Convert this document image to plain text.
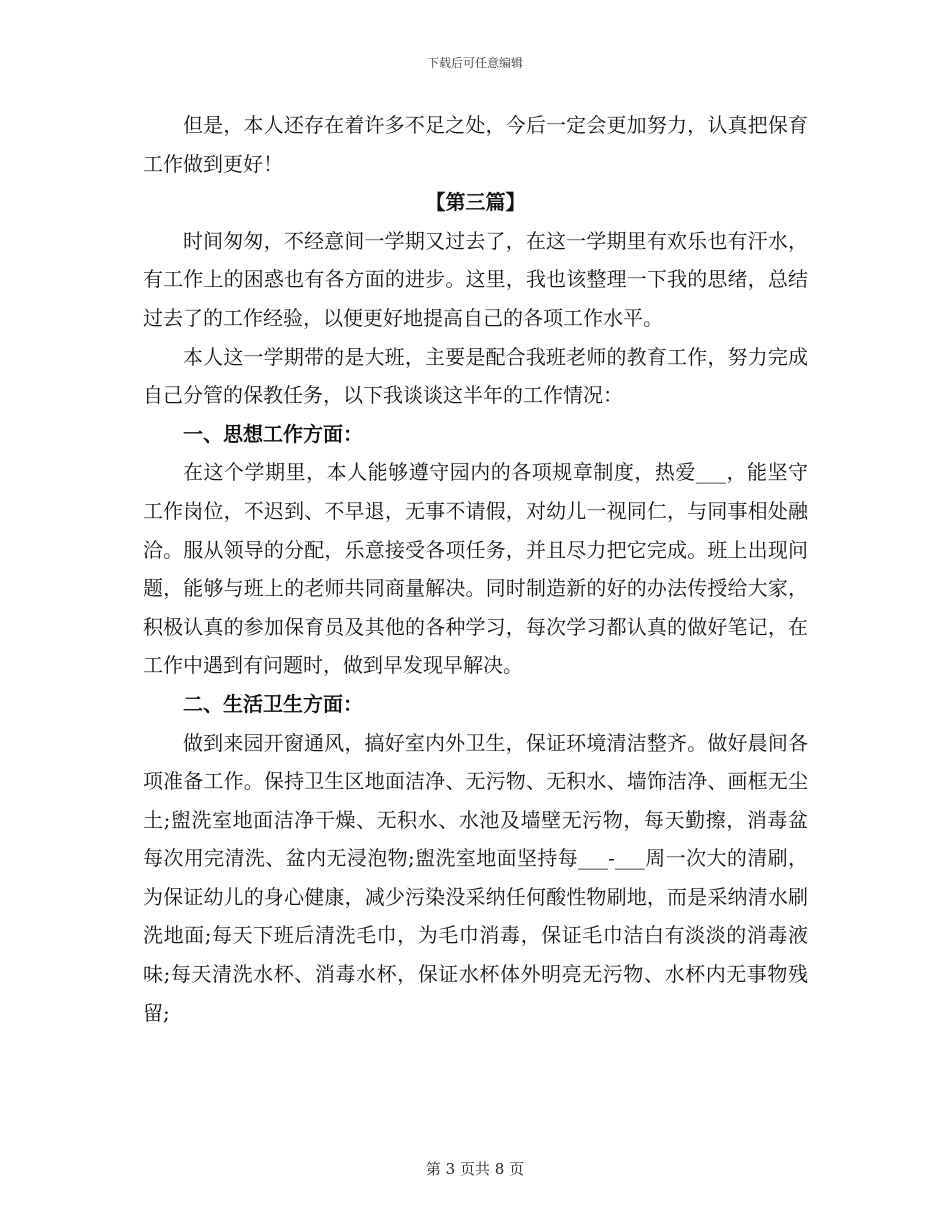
下载后可任意编辑

但是，本人还存在着许多不足之处，今后一定会更加努力，认真把保育工作做到更好！

【第三篇】

时间匆匆，不经意间一学期又过去了，在这一学期里有欢乐也有汗水，有工作上的困惑也有各方面的进步。这里，我也该整理一下我的思绪，总结过去了的工作经验，以便更好地提高自己的各项工作水平。

本人这一学期带的是大班，主要是配合我班老师的教育工作，努力完成自己分管的保教任务，以下我谈谈这半年的工作情况：

一、思想工作方面：

在这个学期里，本人能够遵守园内的各项规章制度，热爱___，能坚守工作岗位，不迟到、不早退，无事不请假，对幼儿一视同仁，与同事相处融洽。服从领导的分配，乐意接受各项任务，并且尽力把它完成。班上出现问题，能够与班上的老师共同商量解决。同时制造新的好的办法传授给大家，积极认真的参加保育员及其他的各种学习，每次学习都认真的做好笔记，在工作中遇到有问题时，做到早发现早解决。

二、生活卫生方面：

做到来园开窗通风，搞好室内外卫生，保证环境清洁整齐。做好晨间各项准备工作。保持卫生区地面洁净、无污物、无积水、墙饰洁净、画框无尘土;盥洗室地面洁净干燥、无积水、水池及墙壁无污物，每天勤擦，消毒盆每次用完清洗、盆内无浸泡物;盥洗室地面坚持每___-___周一次大的清刷，为保证幼儿的身心健康，减少污染没采纳任何酸性物刷地，而是采纳清水刷洗地面;每天下班后清洗毛巾，为毛巾消毒，保证毛巾洁白有淡淡的消毒液味;每天清洗水杯、消毒水杯，保证水杯体外明亮无污物、水杯内无事物残留;

第 3 页共 8 页
